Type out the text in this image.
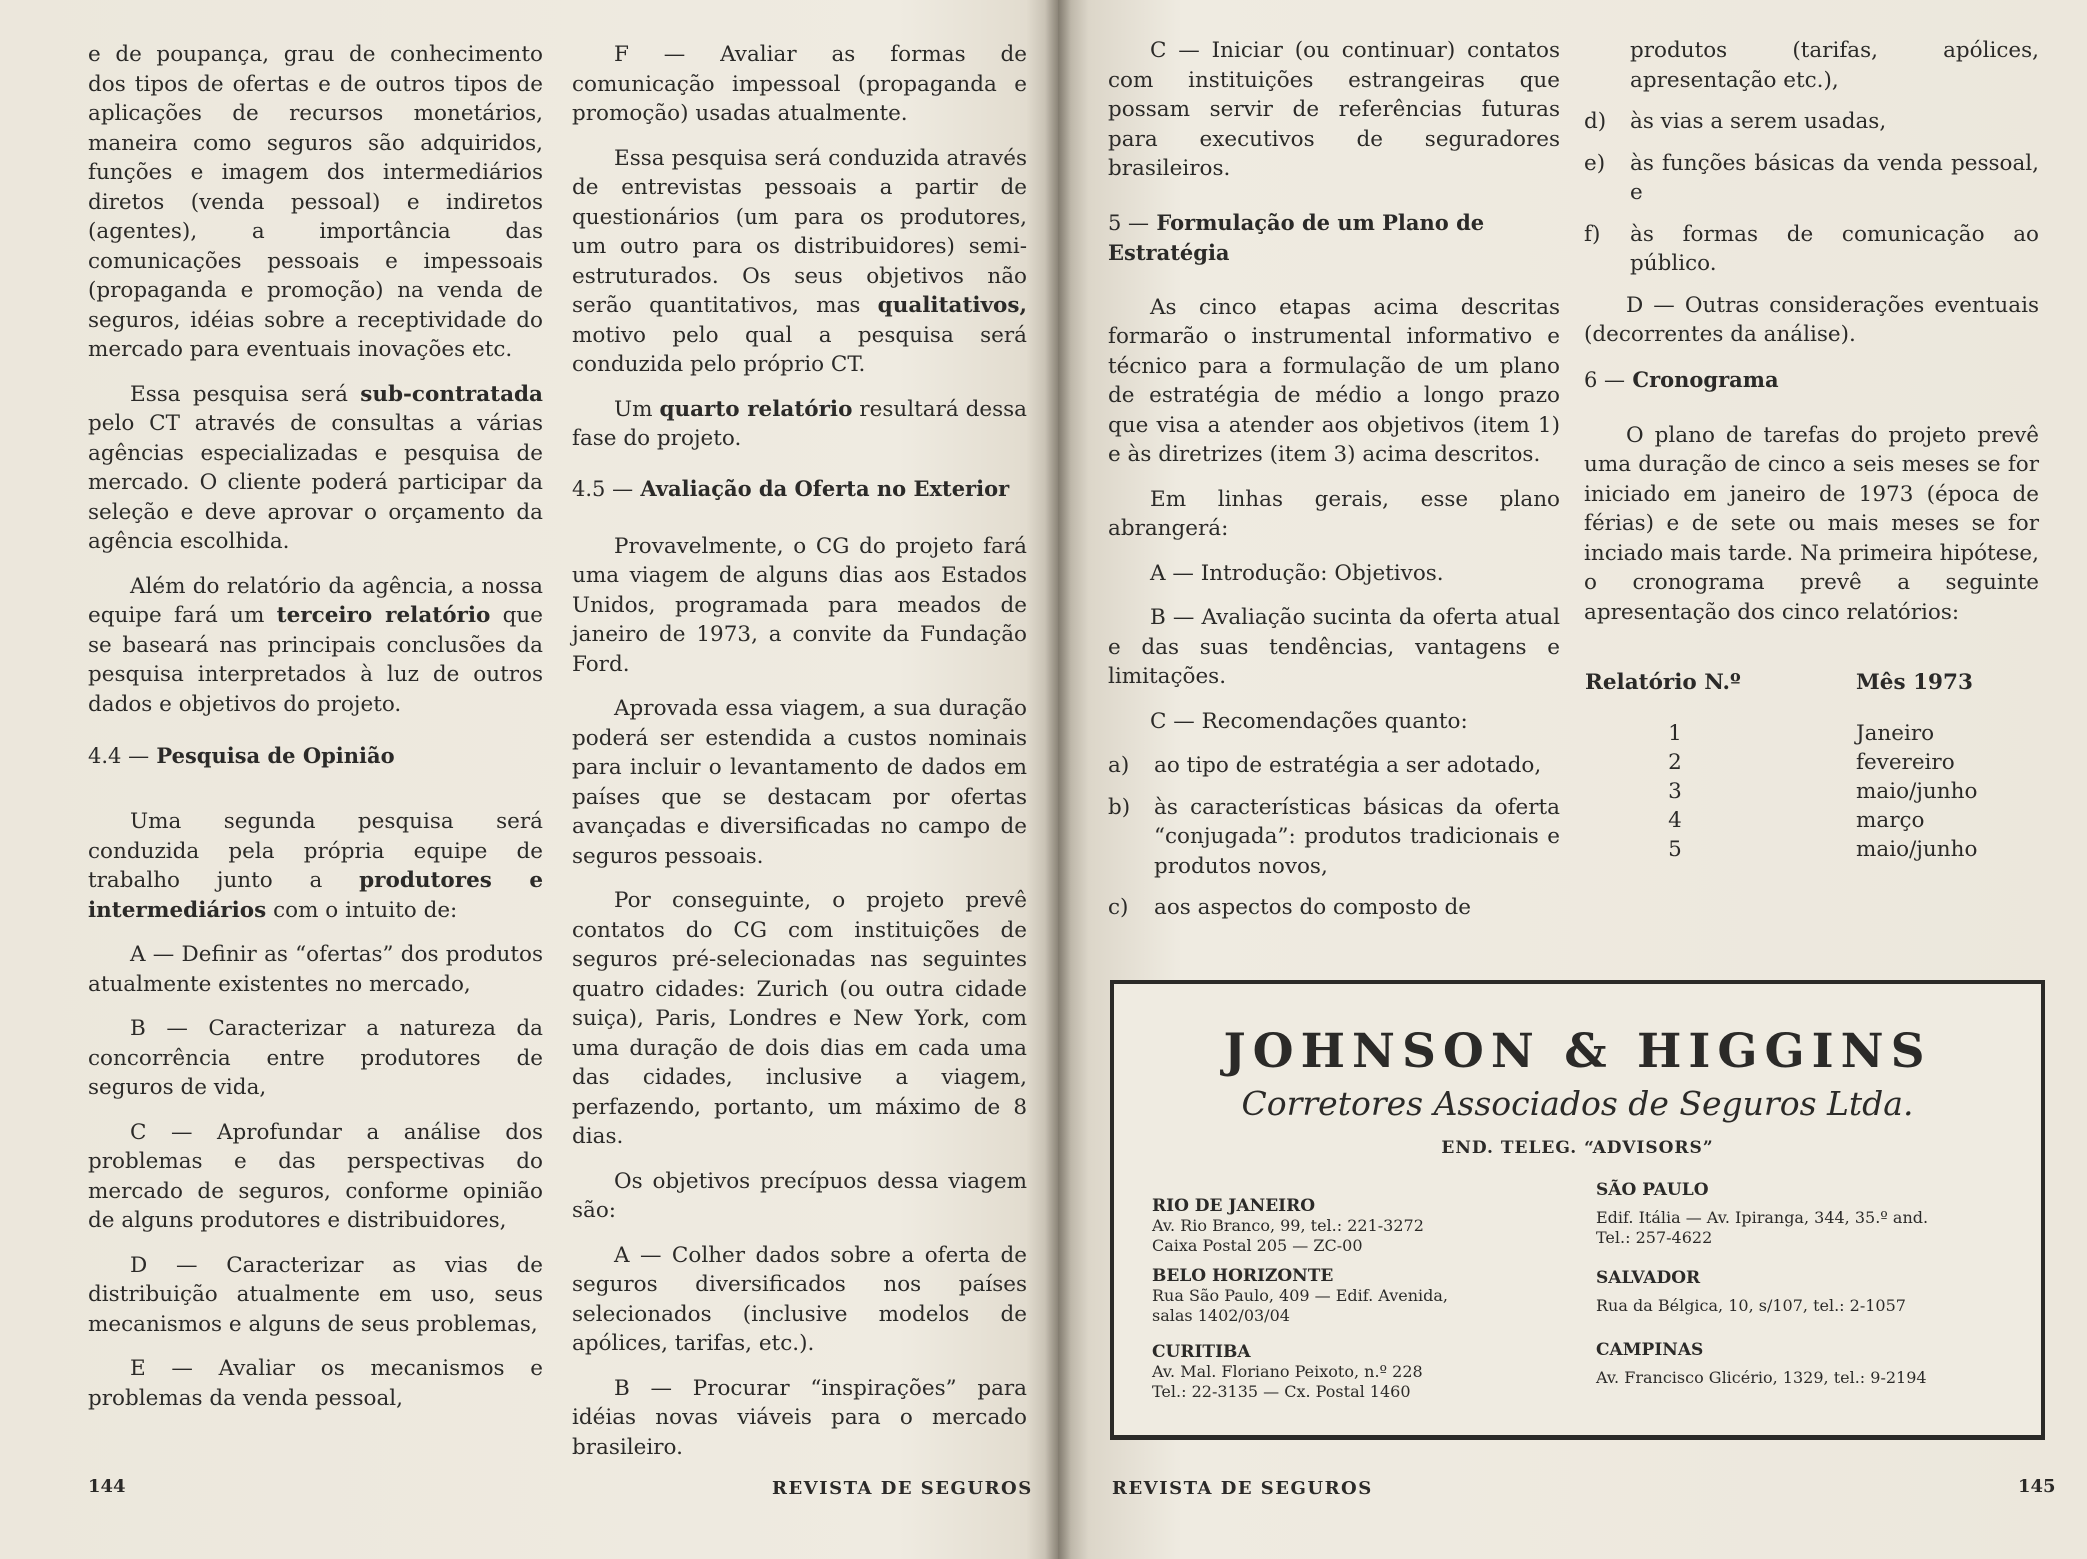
e de poupança, grau de conhecimento dos tipos de ofertas e de outros tipos de aplicações de recursos monetários, maneira como seguros são adquiridos, funções e imagem dos intermediários diretos (venda pessoal) e indiretos (agentes), a importância das comunicações pessoais e impessoais (propaganda e promoção) na venda de seguros, idéias sobre a receptividade do mercado para eventuais inovações etc.

Essa pesquisa será sub-contratada pelo CT através de consultas a várias agências especializadas e pesquisa de mercado. O cliente poderá participar da seleção e deve aprovar o orçamento da agência escolhida.

Além do relatório da agência, a nossa equipe fará um terceiro relatório que se baseará nas principais conclusões da pesquisa interpretados à luz de outros dados e objetivos do projeto.

4.4 — Pesquisa de Opinião

Uma segunda pesquisa será conduzida pela própria equipe de trabalho junto a produtores e intermediários com o intuito de:

A — Definir as “ofertas” dos produtos atualmente existentes no mercado,

B — Caracterizar a natureza da concorrência entre produtores de seguros de vida,

C — Aprofundar a análise dos problemas e das perspectivas do mercado de seguros, conforme opinião de alguns produtores e distribuidores,

D — Caracterizar as vias de distribuição atualmente em uso, seus mecanismos e alguns de seus problemas,

E — Avaliar os mecanismos e problemas da venda pessoal,

F — Avaliar as formas de comunicação impessoal (propaganda e promoção) usadas atualmente.

Essa pesquisa será conduzida através de entrevistas pessoais a partir de questionários (um para os produtores, um outro para os distribuidores) semi-estruturados. Os seus objetivos não serão quantitativos, mas qualitativos, motivo pelo qual a pesquisa será conduzida pelo próprio CT.

Um quarto relatório resultará dessa fase do projeto.

4.5 — Avaliação da Oferta no Exterior

Provavelmente, o CG do projeto fará uma viagem de alguns dias aos Estados Unidos, programada para meados de janeiro de 1973, a convite da Fundação Ford.

Aprovada essa viagem, a sua duração poderá ser estendida a custos nominais para incluir o levantamento de dados em países que se destacam por ofertas avançadas e diversificadas no campo de seguros pessoais.

Por conseguinte, o projeto prevê contatos do CG com instituições de seguros pré-selecionadas nas seguintes quatro cidades: Zurich (ou outra cidade suiça), Paris, Londres e New York, com uma duração de dois dias em cada uma das cidades, inclusive a viagem, perfazendo, portanto, um máximo de 8 dias.

Os objetivos precípuos dessa viagem são:

A — Colher dados sobre a oferta de seguros diversificados nos países selecionados (inclusive modelos de apólices, tarifas, etc.).

B — Procurar “inspirações” para idéias novas viáveis para o mercado brasileiro.

144	REVISTA DE SEGUROS

C — Iniciar (ou continuar) contatos com instituições estrangeiras que possam servir de referências futuras para executivos de seguradores brasileiros.

5 — Formulação de um Plano de Estratégia

As cinco etapas acima descritas formarão o instrumental informativo e técnico para a formulação de um plano de estratégia de médio a longo prazo que visa a atender aos objetivos (item 1) e às diretrizes (item 3) acima descritos.

Em linhas gerais, esse plano abrangerá:

A — Introdução: Objetivos.

B — Avaliação sucinta da oferta atual e das suas tendências, vantagens e limitações.

C — Recomendações quanto:

a)	ao tipo de estratégia a ser adotado,
b)	às características básicas da oferta “conjugada”: produtos tradicionais e produtos novos,
c)	aos aspectos do composto de

produtos (tarifas, apólices, apresentação etc.),

d)	às vias a serem usadas,
e)	às funções básicas da venda pessoal, e
f)	às formas de comunicação ao público.

D — Outras considerações eventuais (decorrentes da análise).

6 — Cronograma

O plano de tarefas do projeto prevê uma duração de cinco a seis meses se for iniciado em janeiro de 1973 (época de férias) e de sete ou mais meses se for inciado mais tarde. Na primeira hipótese, o cronograma prevê a seguinte apresentação dos cinco relatórios:

Relatório N.º	Mês 1973
1	Janeiro
2	fevereiro
3	maio/junho
4	março
5	maio/junho
145
REVISTA DE SEGUROS
JOHNSON & HIGGINS
Corretores Associados de Seguros Ltda.
END. TELEG. “ADVISORS”
RIO DE JANEIRO
Av. Rio Branco, 99, tel.: 221-3272
Caixa Postal 205 — ZC-00
BELO HORIZONTE
Rua São Paulo, 409 — Edif. Avenida,
salas 1402/03/04
CURITIBA
Av. Mal. Floriano Peixoto, n.º 228
Tel.: 22-3135 — Cx. Postal 1460
SÃO PAULO
Edif. Itália — Av. Ipiranga, 344, 35.º and.
Tel.: 257-4622
SALVADOR
Rua da Bélgica, 10, s/107, tel.: 2-1057
CAMPINAS
Av. Francisco Glicério, 1329, tel.: 9-2194
